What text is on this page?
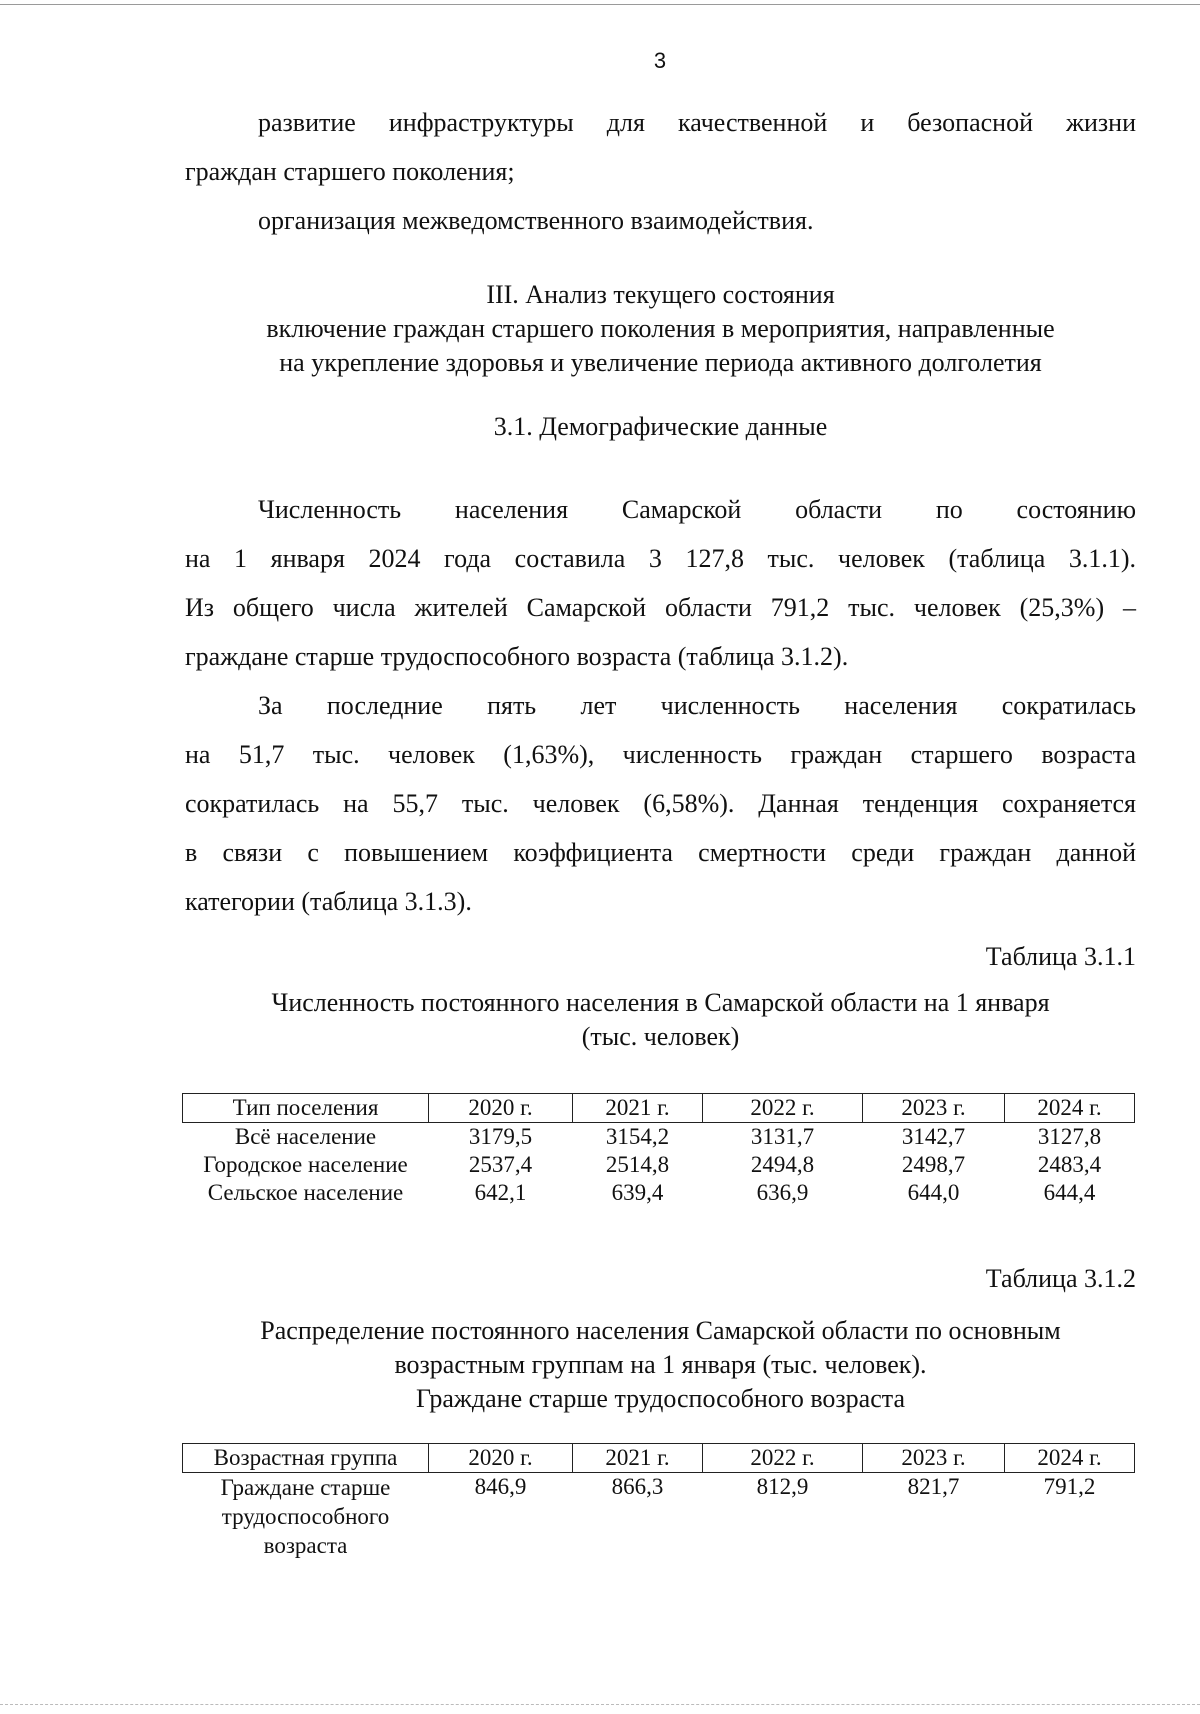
3
развитие инфраструктуры для качественной и безопасной жизни
граждан старшего поколения;
организация межведомственного взаимодействия.
III. Анализ текущего состояния
включение граждан старшего поколения в мероприятия, направленные
на укрепление здоровья и увеличение периода активного долголетия
3.1. Демографические данные
Численность населения Самарской области по состоянию
на 1 января 2024 года составила 3 127,8 тыс. человек (таблица 3.1.1).
Из общего числа жителей Самарской области 791,2 тыс. человек (25,3%) –
граждане старше трудоспособного возраста (таблица 3.1.2).
За последние пять лет численность населения сократилась
на 51,7 тыс. человек (1,63%), численность граждан старшего возраста
сократилась на 55,7 тыс. человек (6,58%). Данная тенденция сохраняется
в связи с повышением коэффициента смертности среди граждан данной
категории (таблица 3.1.3).
Таблица 3.1.1
Численность постоянного населения в Самарской области на 1 января
(тыс. человек)
Тип поселения	2020 г.	2021 г.	2022 г.	2023 г.	2024 г.
Всё население	3179,5	3154,2	3131,7	3142,7	3127,8
Городское население	2537,4	2514,8	2494,8	2498,7	2483,4
Сельское население	642,1	639,4	636,9	644,0	644,4
Таблица 3.1.2
Распределение постоянного населения Самарской области по основным
возрастным группам на 1 января (тыс. человек).
Граждане старше трудоспособного возраста
Возрастная группа	2020 г.	2021 г.	2022 г.	2023 г.	2024 г.

Граждане старше
трудоспособного
возраста	846,9	866,3	812,9	821,7	791,2
